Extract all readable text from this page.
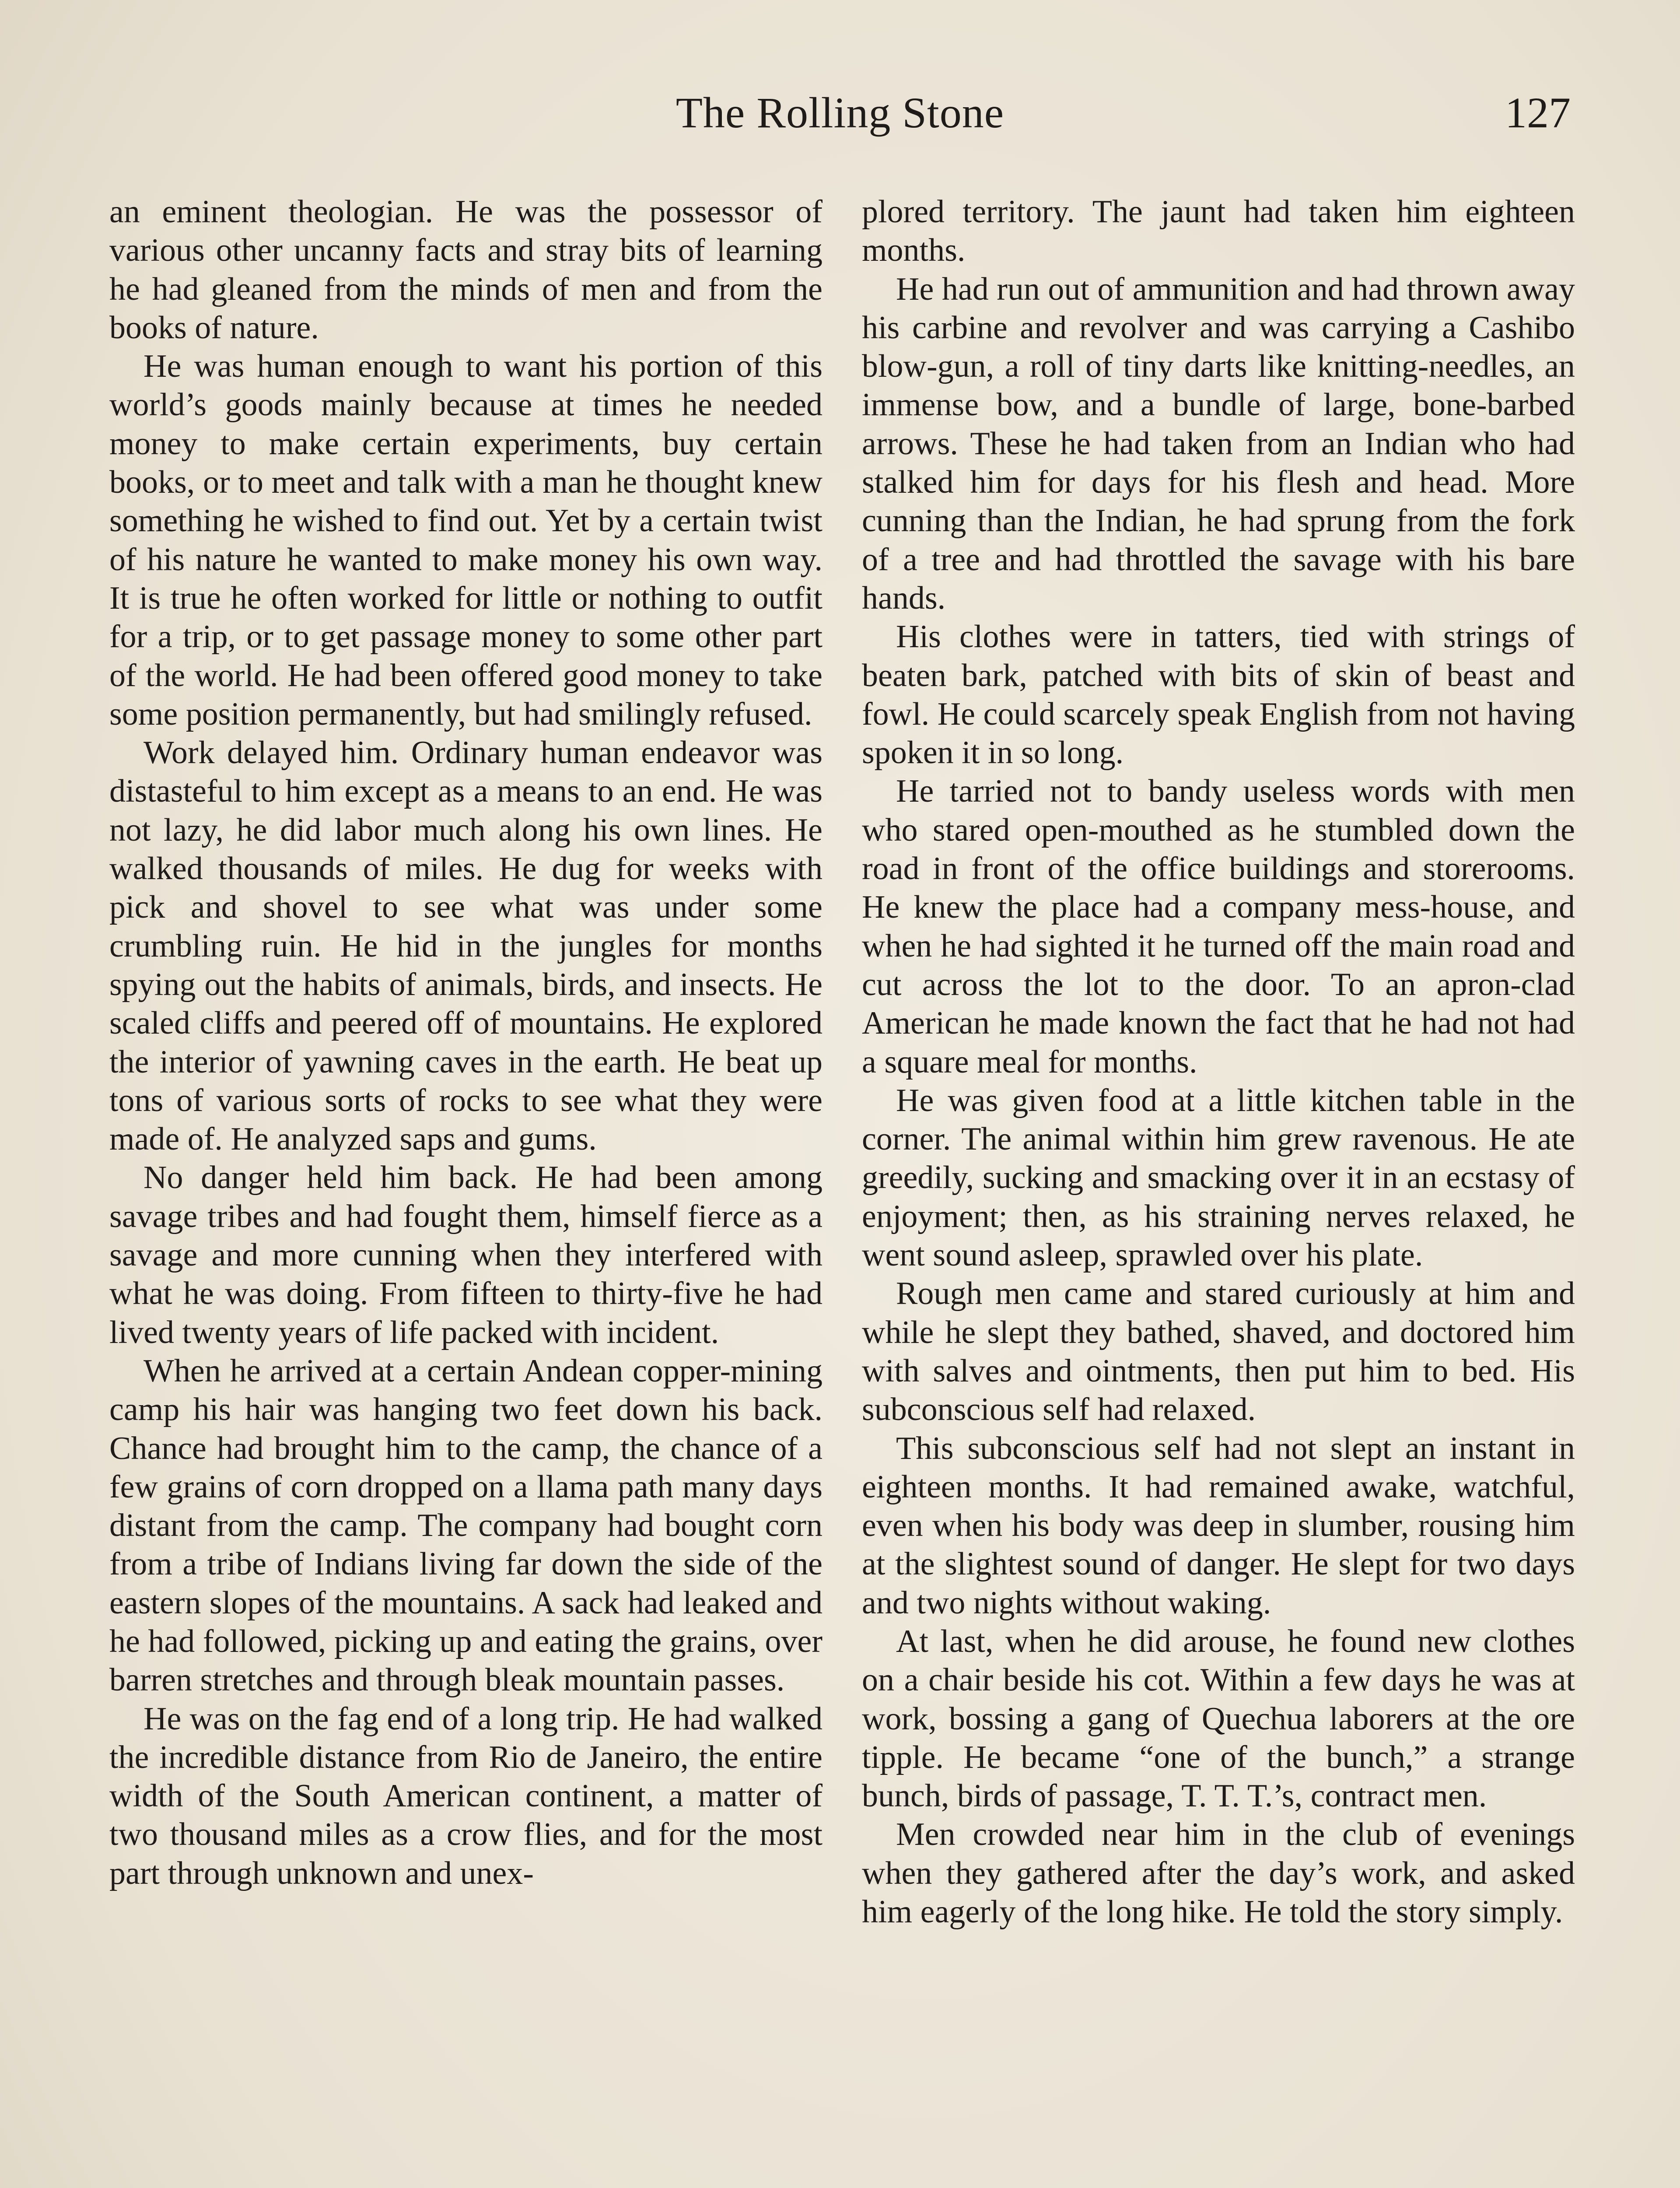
The Rolling Stone	127

an eminent theologian. He was the possessor of various other uncanny facts and stray bits of learning he had gleaned from the minds of men and from the books of nature.

He was human enough to want his portion of this world’s goods mainly because at times he needed money to make certain experiments, buy certain books, or to meet and talk with a man he thought knew something he wished to find out. Yet by a certain twist of his nature he wanted to make money his own way. It is true he often worked for little or nothing to outfit for a trip, or to get passage money to some other part of the world. He had been offered good money to take some position permanently, but had smilingly refused.

Work delayed him. Ordinary human endeavor was distasteful to him except as a means to an end. He was not lazy, he did labor much along his own lines. He walked thousands of miles. He dug for weeks with pick and shovel to see what was under some crumbling ruin. He hid in the jungles for months spying out the habits of animals, birds, and insects. He scaled cliffs and peered off of mountains. He explored the interior of yawning caves in the earth. He beat up tons of various sorts of rocks to see what they were made of. He analyzed saps and gums.

No danger held him back. He had been among savage tribes and had fought them, himself fierce as a savage and more cunning when they interfered with what he was doing. From fifteen to thirty-five he had lived twenty years of life packed with incident.

When he arrived at a certain Andean copper-mining camp his hair was hanging two feet down his back. Chance had brought him to the camp, the chance of a few grains of corn dropped on a llama path many days distant from the camp. The company had bought corn from a tribe of Indians living far down the side of the eastern slopes of the mountains. A sack had leaked and he had followed, picking up and eating the grains, over barren stretches and through bleak mountain passes.

He was on the fag end of a long trip. He had walked the incredible distance from Rio de Janeiro, the entire width of the South American continent, a matter of two thousand miles as a crow flies, and for the most part through unknown and unex-

plored territory. The jaunt had taken him eighteen months.

He had run out of ammunition and had thrown away his carbine and revolver and was carrying a Cashibo blow-gun, a roll of tiny darts like knitting-needles, an immense bow, and a bundle of large, bone-barbed arrows. These he had taken from an Indian who had stalked him for days for his flesh and head. More cunning than the Indian, he had sprung from the fork of a tree and had throttled the savage with his bare hands.

His clothes were in tatters, tied with strings of beaten bark, patched with bits of skin of beast and fowl. He could scarcely speak English from not having spoken it in so long.

He tarried not to bandy useless words with men who stared open-mouthed as he stumbled down the road in front of the office buildings and storerooms. He knew the place had a company mess-house, and when he had sighted it he turned off the main road and cut across the lot to the door. To an apron-clad American he made known the fact that he had not had a square meal for months.

He was given food at a little kitchen table in the corner. The animal within him grew ravenous. He ate greedily, sucking and smacking over it in an ecstasy of enjoyment; then, as his straining nerves relaxed, he went sound asleep, sprawled over his plate.

Rough men came and stared curiously at him and while he slept they bathed, shaved, and doctored him with salves and ointments, then put him to bed. His subconscious self had relaxed.

This subconscious self had not slept an instant in eighteen months. It had remained awake, watchful, even when his body was deep in slumber, rousing him at the slightest sound of danger. He slept for two days and two nights without waking.

At last, when he did arouse, he found new clothes on a chair beside his cot. Within a few days he was at work, bossing a gang of Quechua laborers at the ore tipple. He became “one of the bunch,” a strange bunch, birds of passage, T. T. T.’s, contract men.

Men crowded near him in the club of evenings when they gathered after the day’s work, and asked him eagerly of the long hike. He told the story simply.
